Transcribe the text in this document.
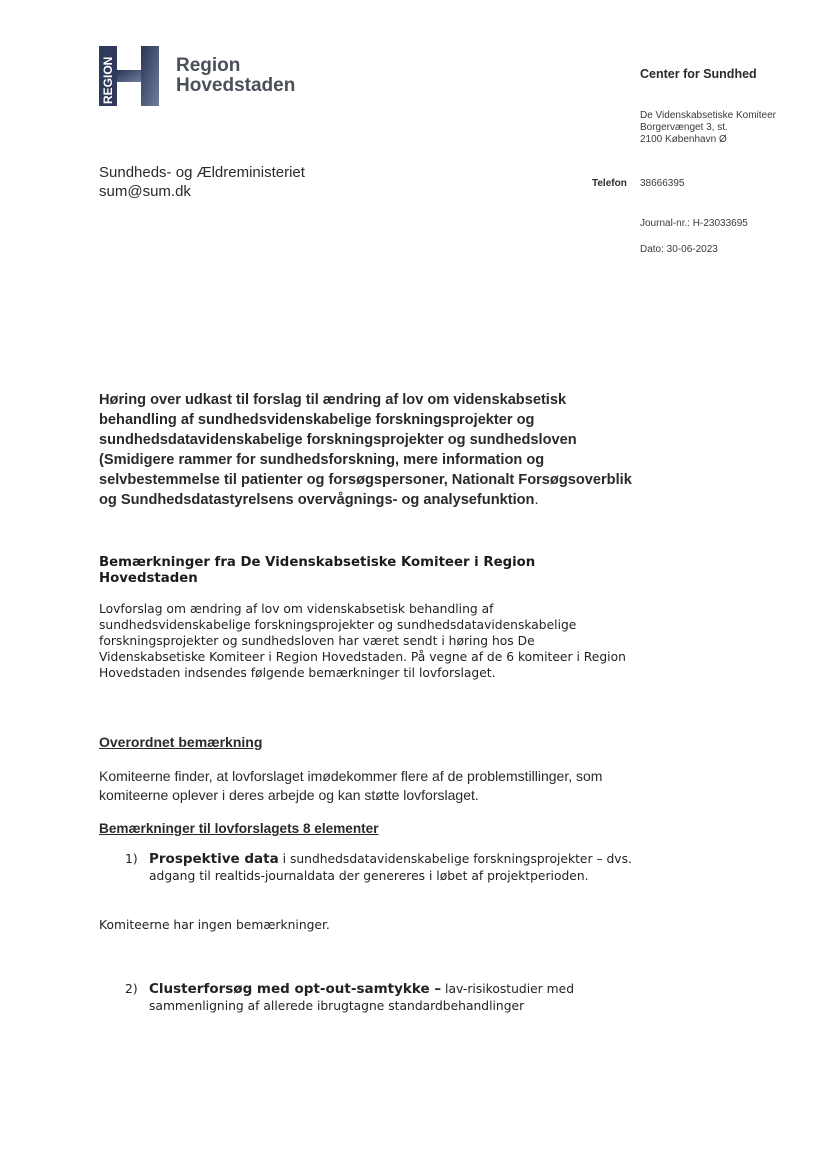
REGION	Region
Hovedstaden
Center for Sundhed
De Videnskabsetiske Komiteer
Borgervænget 3, st.
2100 København Ø
Telefon 38666395
Journal-nr.: H-23033695
Dato: 30-06-2023
Sundheds- og Ældreministeriet
sum@sum.dk
Høring over udkast til forslag til ændring af lov om videnskabsetisk behandling af sundhedsvidenskabelige forskningsprojekter og sundhedsdatavidenskabelige forskningsprojekter og sundhedsloven (Smidigere rammer for sundhedsforskning, mere information og selvbestemmelse til patienter og forsøgspersoner, Nationalt Forsøgsoverblik og Sundhedsdatastyrelsens overvågnings- og analysefunktion.
Bemærkninger fra De Videnskabsetiske Komiteer i Region Hovedstaden
Lovforslag om ændring af lov om videnskabsetisk behandling af sundhedsvidenskabelige forskningsprojekter og sundhedsdatavidenskabelige forskningsprojekter og sundhedsloven har været sendt i høring hos De Videnskabsetiske Komiteer i Region Hovedstaden. På vegne af de 6 komiteer i Region Hovedstaden indsendes følgende bemærkninger til lovforslaget.
Overordnet bemærkning
Komiteerne finder, at lovforslaget imødekommer flere af de problemstillinger, som komiteerne oplever i deres arbejde og kan støtte lovforslaget.
Bemærkninger til lovforslagets 8 elementer
1) Prospektive data i sundhedsdatavidenskabelige forskningsprojekter – dvs. adgang til realtids-journaldata der genereres i løbet af projektperioden.
Komiteerne har ingen bemærkninger.
2) Clusterforsøg med opt-out-samtykke – lav-risikostudier med sammenligning af allerede ibrugtagne standardbehandlinger
